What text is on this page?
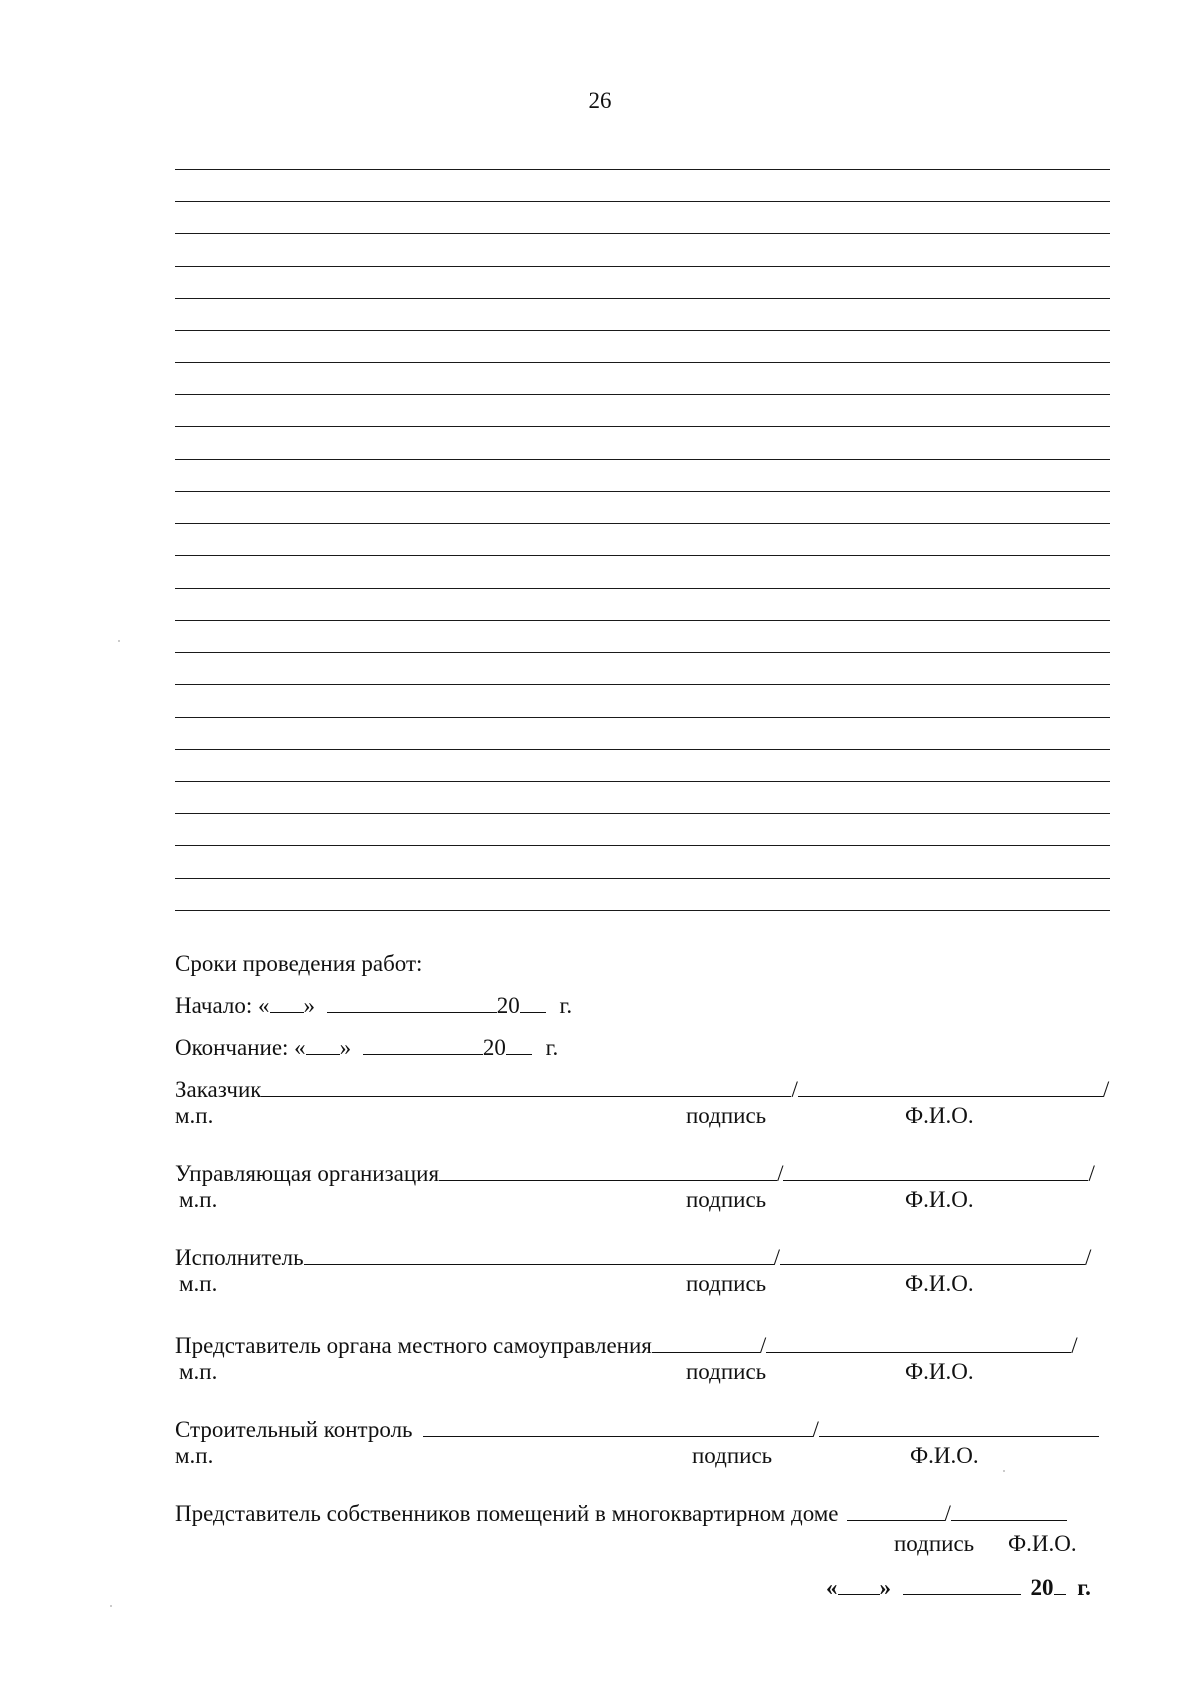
26
Сроки проведения работ:
Начало: « »	20 г.
Окончание: « »	20 г.
Заказчик	/	/
м.п.	подпись	Ф.И.О.
Управляющая организация	/	/
м.п.	подпись	Ф.И.О.
Исполнитель	/	/
м.п.	подпись	Ф.И.О.
Представитель органа местного самоуправления	/	/
м.п.	подпись	Ф.И.О.
Строительный контроль	/
м.п.	подпись	Ф.И.О.
Представитель собственников помещений в многоквартирном доме	/
подпись Ф.И.О.
« »	20 г.
